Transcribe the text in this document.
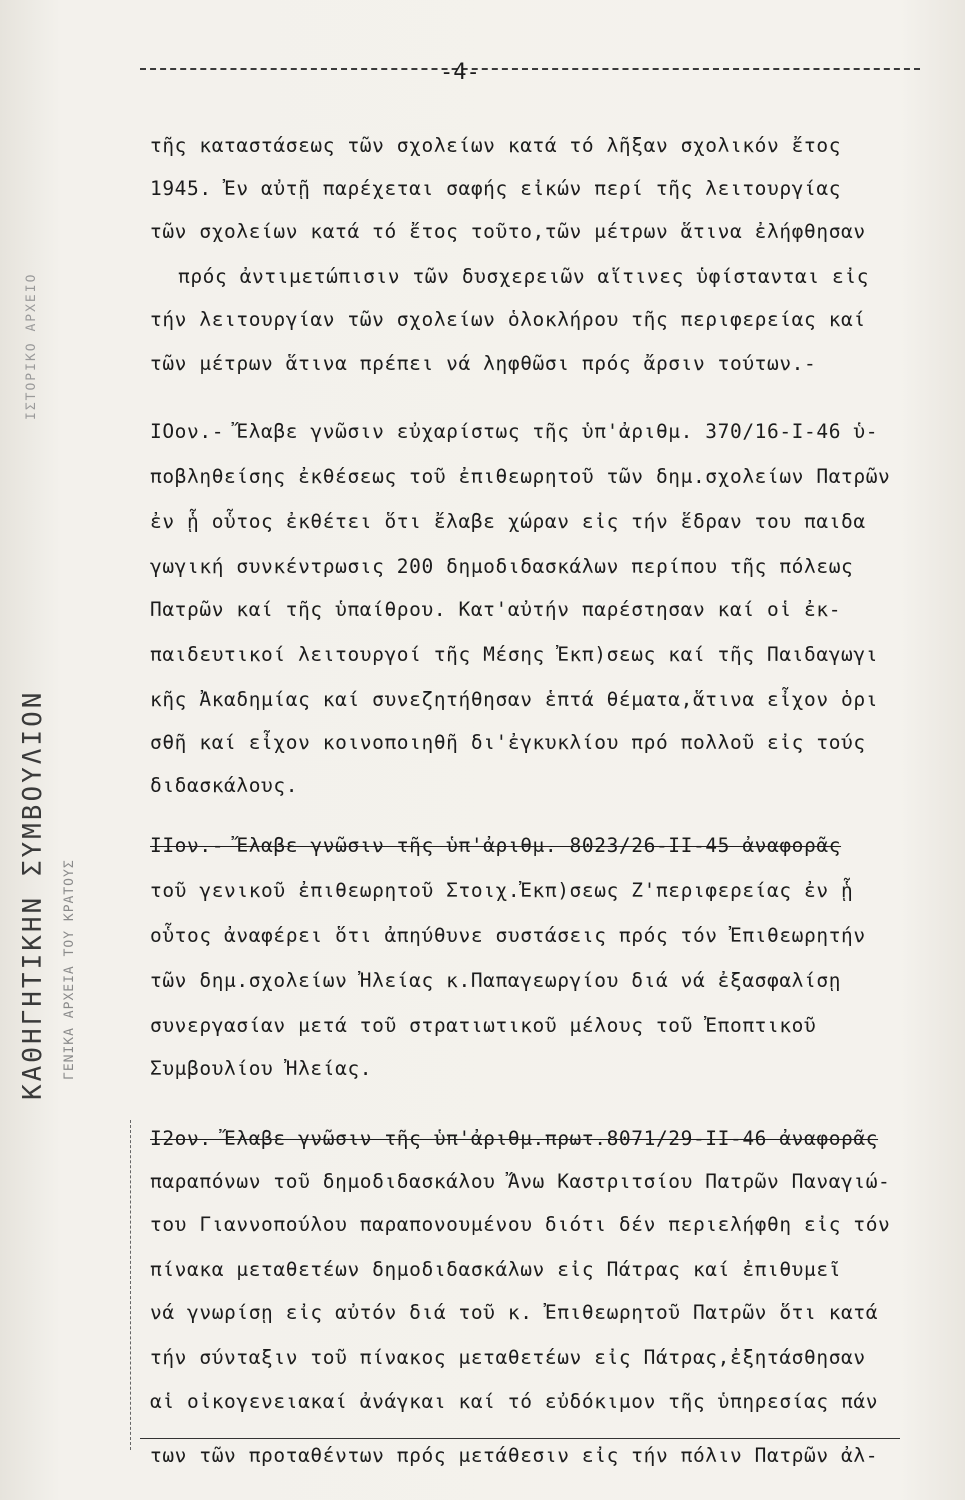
-4-
ΙΣΤΟΡΙΚΟ ΑΡΧΕΙΟ
ΚΑΘΗΓΗΤΙΚΗΝ ΣΥΜΒΟΥΛΙΟΝ ΓΕΝΙΚΑ ΑΡΧΕΙΑ ΤΟΥ ΚΡΑΤΟΥΣ
τῆς καταστάσεως τῶν σχολείων κατά τό λῆξαν σχολικόν ἔτος
1945. Ἐν αὐτῇ παρέχεται σαφής εἰκών περί τῆς λειτουργίας
τῶν σχολείων κατά τό ἔτος τοῦτο,τῶν μέτρων ἅτινα ἐλήφθησαν
πρός ἀντιμετώπισιν τῶν δυσχερειῶν αἵτινες ὑφίστανται εἰς
τήν λειτουργίαν τῶν σχολείων ὁλοκλήρου τῆς περιφερείας καί
τῶν μέτρων ἅτινα πρέπει νά ληφθῶσι πρός ἄρσιν τούτων.-
IΟον.- Ἔλαβε γνῶσιν εὐχαρίστως τῆς ὑπ'ἀριθμ. 370/16-I-46 ὑ-
ποβληθείσης ἐκθέσεως τοῦ ἐπιθεωρητοῦ τῶν δημ.σχολείων Πατρῶν
ἐν ᾗ οὗτος ἐκθέτει ὅτι ἔλαβε χώραν εἰς τήν ἕδραν του παιδα
γωγική συνκέντρωσις 200 δημοδιδασκάλων περίπου τῆς πόλεως
Πατρῶν καί τῆς ὑπαίθρου. Κατ'αὐτήν παρέστησαν καί οἱ ἐκ-
παιδευτικοί λειτουργοί τῆς Μέσης Ἐκπ)σεως καί τῆς Παιδαγωγι
κῆς Ἀκαδημίας καί συνεζητήθησαν ἑπτά θέματα,ἅτινα εἶχον ὁρι
σθῆ καί εἶχον κοινοποιηθῆ δι'ἐγκυκλίου πρό πολλοῦ εἰς τούς
διδασκάλους.
IIον.- Ἔλαβε γνῶσιν τῆς ὑπ'ἀριθμ. 8023/26-II-45 ἀναφορᾶς
τοῦ γενικοῦ ἐπιθεωρητοῦ Στοιχ.Ἐκπ)σεως Ζ'περιφερείας ἐν ᾗ
οὗτος ἀναφέρει ὅτι ἀπηύθυνε συστάσεις πρός τόν Ἐπιθεωρητήν
τῶν δημ.σχολείων Ἠλείας κ.Παπαγεωργίου διά νά ἐξασφαλίσῃ
συνεργασίαν μετά τοῦ στρατιωτικοῦ μέλους τοῦ Ἐποπτικοῦ
Συμβουλίου Ἠλείας.
I2ον. Ἔλαβε γνῶσιν τῆς ὑπ'ἀριθμ.πρωτ.8071/29-II-46 ἀναφορᾶς
παραπόνων τοῦ δημοδιδασκάλου Ἄνω Καστριτσίου Πατρῶν Παναγιώ-
του Γιαννοπούλου παραπονουμένου διότι δέν περιελήφθη εἰς τόν
πίνακα μεταθετέων δημοδιδασκάλων εἰς Πάτρας καί ἐπιθυμεῖ
νά γνωρίσῃ εἰς αὐτόν διά τοῦ κ. Ἐπιθεωρητοῦ Πατρῶν ὅτι κατά
τήν σύνταξιν τοῦ πίνακος μεταθετέων εἰς Πάτρας,ἐξητάσθησαν
αἱ οἰκογενειακαί ἀνάγκαι καί τό εὐδόκιμον τῆς ὑπηρεσίας πάν
των τῶν προταθέντων πρός μετάθεσιν εἰς τήν πόλιν Πατρῶν ἀλ-
